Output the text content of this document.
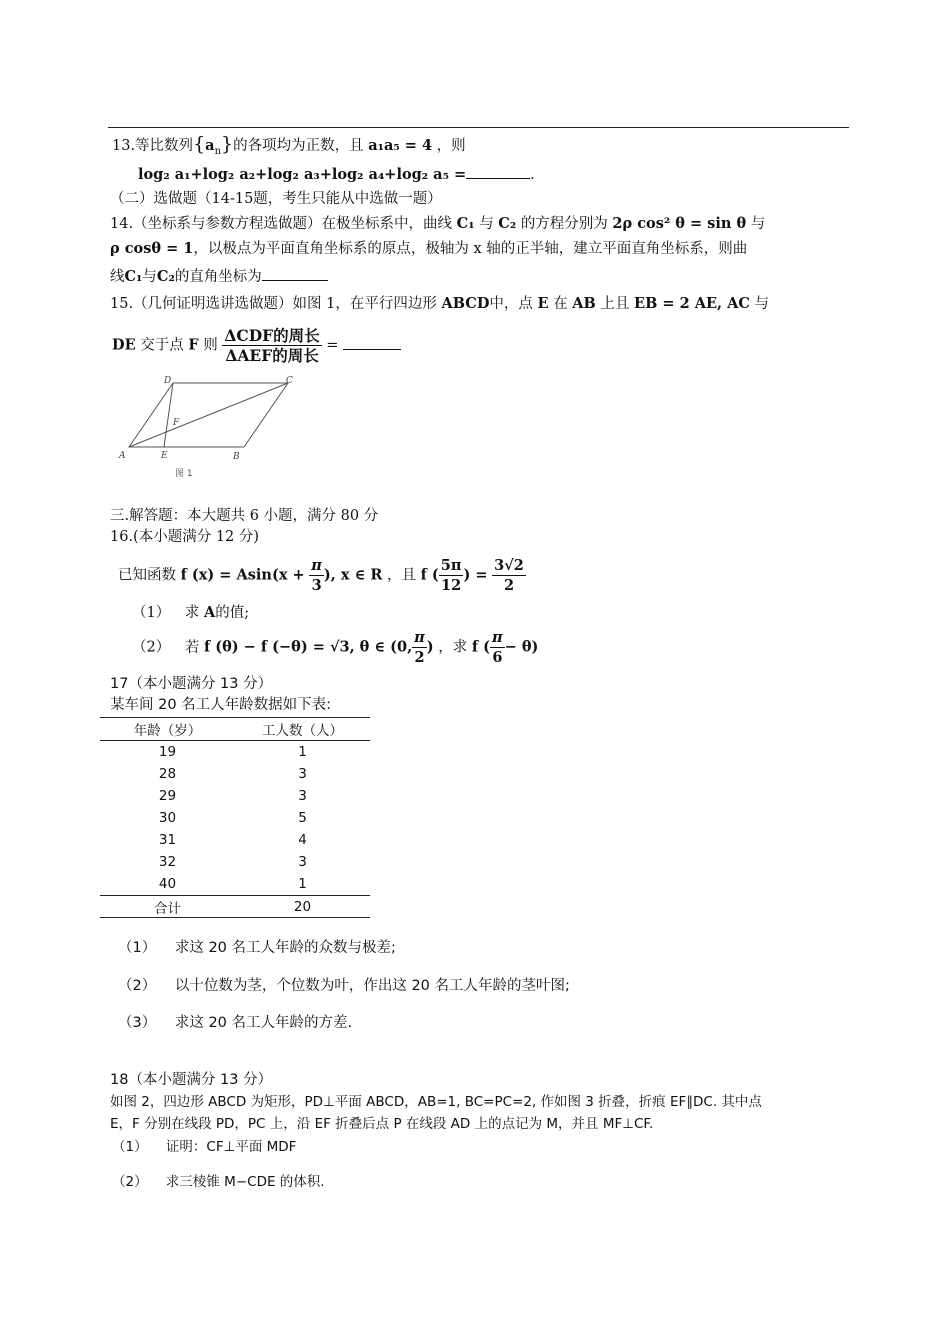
13.等比数列$\{a_n\}$的各项均为正数，且 a₁a₅ = 4 ，则
log₂ a₁+log₂ a₂+log₂ a₃+log₂ a₄+log₂ a₅ =	.
（二）选做题（14-15题，考生只能从中选做一题）
14.（坐标系与参数方程选做题）在极坐标系中，曲线 C₁ 与 C₂ 的方程分别为 2ρ cos² θ = sin θ 与
ρ cosθ = 1，以极点为平面直角坐标系的原点，极轴为 x 轴的正半轴，建立平面直角坐标系，则曲
线C₁与C₂的直角坐标为
15.（几何证明选讲选做题）如图 1，在平行四边形 ABCD中，点 E 在 AB 上且 EB = 2 AE, AC 与
DE 交于点 F 则 $\frac{\text{ΔCDF的周长}}{\text{ΔAEF的周长}}$ =
A	E	B
C
D
F
图 1
三.解答题：本大题共 6 小题，满分 80 分
16.(本小题满分 12 分)
已知函数 f $(x) = Asin(x + \frac{\pi}{3}$ ), x ∈ R ，且 f ( $\frac{5\pi}{12}$ ) = $\frac{3√2}{2}$
（1） 求 A的值;
（2） 若 f (θ) − f (−θ) = √3, θ ∈ (0, $\frac{\pi}{2}$ ) ，求 f ( $\frac{\pi}{6} - \theta$)
17（本小题满分 13 分）
某车间 20 名工人年龄数据如下表:
年龄（岁）	工人数（人）
19	1
28	3
29	3
30	5
31	4
32	3
40	1
合计	20
（1） 求这 20 名工人年龄的众数与极差;
（2） 以十位数为茎，个位数为叶，作出这 20 名工人年龄的茎叶图;
（3） 求这 20 名工人年龄的方差.
18（本小题满分 13 分）
如图 2，四边形 ABCD 为矩形，PD⊥平面 ABCD，AB=1, BC=PC=2, 作如图 3 折叠，折痕 EF∥DC. 其中点
E，F 分别在线段 PD，PC 上，沿 EF 折叠后点 P 在线段 AD 上的点记为 M，并且 MF⊥CF.
（1） 证明：CF⊥平面 MDF
（2） 求三棱锥 M−CDE 的体积.
